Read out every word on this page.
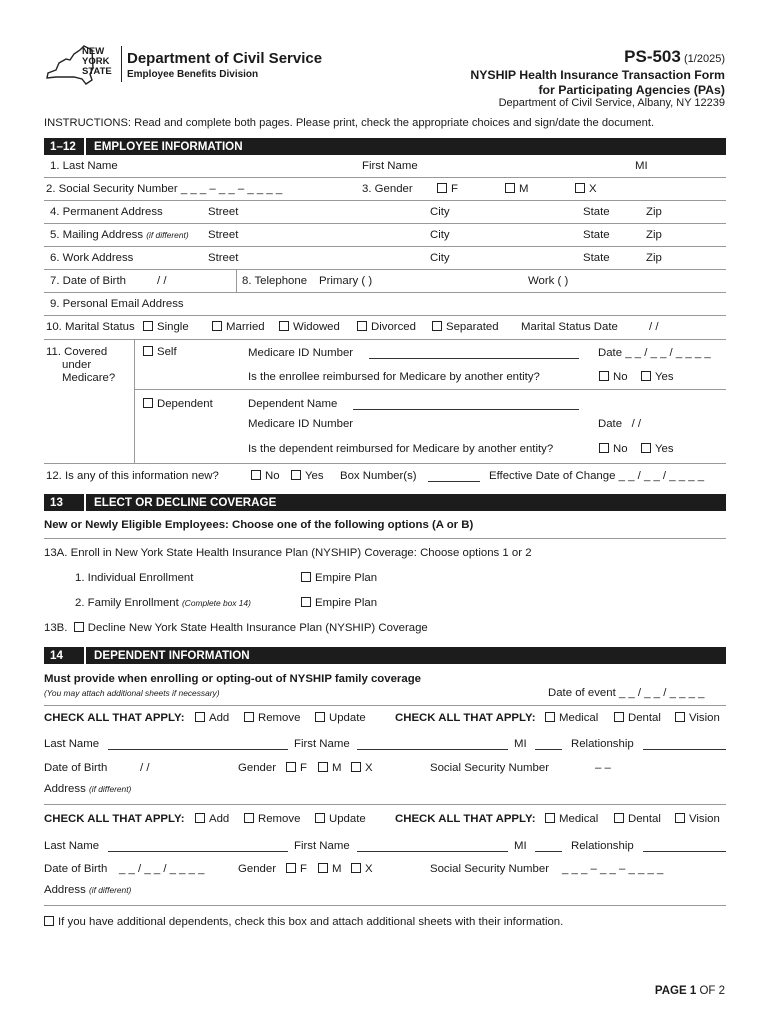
NEW YORK STATE
Department of Civil Service
Employee Benefits Division
PS-503 (1/2025)
NYSHIP Health Insurance Transaction Form
for Participating Agencies (PAs)
Department of Civil Service, Albany, NY 12239
INSTRUCTIONS: Read and complete both pages. Please print, check the appropriate choices and sign/date the document.
1–12 EMPLOYEE INFORMATION
1. Last Name	First Name	MI
2. Social Security Number _ _ _ – _ _ – _ _ _ _	3. Gender	F	M	X
4. Permanent Address	Street	City	State	Zip
5. Mailing Address (if different) Street	City	State	Zip
6. Work Address	Street	City	State	Zip
7. Date of Birth	/ /	8. Telephone Primary ( )	Work ( )
9. Personal Email Address
10. Marital Status	Single	Married	Widowed	Divorced	Separated Marital Status Date	/ /
11. Covered
under
Medicare?
Self	Medicare ID Number	Date _ _ / _ _ / _ _ _ _
Is the enrollee reimbursed for Medicare by another entity?	No	Yes
Dependent	Dependent Name
Medicare ID Number	Date / /
Is the dependent reimbursed for Medicare by another entity?	No	Yes
12. Is any of this information new?	No	Yes Box Number(s)	Effective Date of Change _ _ / _ _ / _ _ _ _
13	ELECT OR DECLINE COVERAGE
New or Newly Eligible Employees: Choose one of the following options (A or B)
13A. Enroll in New York State Health Insurance Plan (NYSHIP) Coverage: Choose options 1 or 2
1. Individual Enrollment	Empire Plan
2. Family Enrollment (Complete box 14)	Empire Plan
13B. Decline New York State Health Insurance Plan (NYSHIP) Coverage
14	DEPENDENT INFORMATION
Must provide when enrolling or opting-out of NYSHIP family coverage
(You may attach additional sheets if necessary)	Date of event _ _ / _ _ / _ _ _ _
CHECK ALL THAT APPLY:	Add	Remove	Update	CHECK ALL THAT APPLY:	Medical	Dental	Vision
Last Name	First Name	MI	Relationship
Date of Birth	/ /	Gender	F	M	X	Social Security Number	– –
Address (if different)
CHECK ALL THAT APPLY:	Add	Remove	Update	CHECK ALL THAT APPLY:	Medical	Dental	Vision
Last Name	First Name	MI	Relationship
Date of Birth _ _ / _ _ / _ _ _ _	Gender	F	M	X	Social Security Number _ _ _ – _ _ – _ _ _ _
Address (if different)
If you have additional dependents, check this box and attach additional sheets with their information.
PAGE 1 OF 2
